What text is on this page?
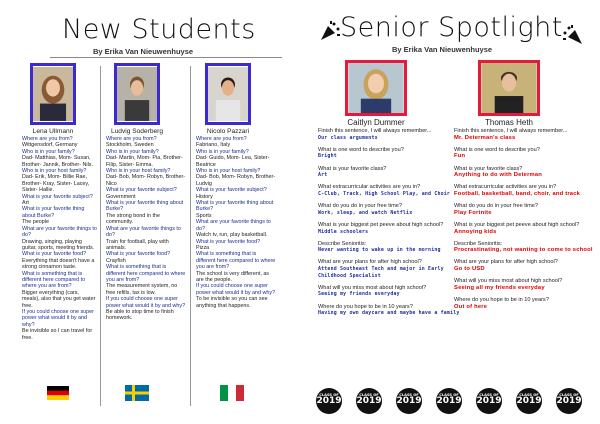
New Students
By Erika Van Nieuwenhuyse
Lena Ullmann	Ludvig Soderberg	Nicolo Pazzari
Where are you from?
Wittgensdorf, Germany
Who is in your family?
Dad- Matthias, Mom- Susan, Brother- Jannik, Brother- Nils.
Who is in your host family?
Dad- Erik, Mom- Billie Rae, Brother- Kray, Sister- Lacey, Sister- Hallie.
What is your favorite subject?
Art
What is your favorite thing about Burke?
The people
What are your favorite things to do?
Drawing, singing, playing guitar, sports, meeting friends.
What is your favorite food?
Everything that doesn't have a strong cinnamon taste.
What is something that is different here compared to where you are from?
Bigger everything (cars, meals), also that you get water free.
If you could choose one super power what would it by and why?
Be invisible so I can travel for free.
Where are you from?
Stockholm, Sweden
Who is in your family?
Dad- Martin, Mom- Pia, Brother- Filip, Sister- Emma.
Who is in your host family?
Dad- Bob, Mom- Robyn, Brother- Nico
What is your favorite subject?
Government
What is your favorite thing about Burke?
The strong bond in the community.
What are your favorite things to do?
Train for football, play with animals.
What is your favorite food?
Crayfish
What is something that is different here compared to where you are from?
The measurement system, no free refills, tax is low.
If you could choose one super power what would it by and why?
Be able to stop time to finish homework.
Where are you from?
Fabriano, Italy
Who is in your family?
Dad- Guido, Mom- Lea, Sister- Beatrice
Who is in your host family?
Dad- Bob, Mom- Robyn, Brother- Ludvig
What is your favorite subject?
History
What is your favorite thing about Burke?
Sports
What are your favorite things to do?
Watch tv, run, play basketball.
What is your favorite food?
Pizza
What is something that is different here compared to where you are from?
The school is very different, as are the people.
If you could choose one super power what would it by and why?
To be invisible so you can see anything that happens.
Senior Spotlight
By Erika Van Nieuwenhuyse
Caitlyn Dummer	Thomas Heth
Finish this sentence, I will always remember...
Our class arguments
What is one word to describe you?
Bright
What is your favorite class?
Art
What extracurricular activities are you in?
C-Club, Track, High School Play, and Choir
What do you do in your free time?
Work, sleep, and watch Netflix
What is your biggest pet peeve about high school?
Middle schoolers
Describe Senioritis:
Never wanting to wake up in the morning
What are your plans for after high school?
Attend Southeast Tech and major in Early Childhood Specialist
What will you miss most about high school?
Seeing my friends everyday
Where do you hope to be in 10 years?
Having my own daycare and maybe have a family
Finish this sentence, I will always remember...
Mr. Determan's class
What is one word to describe you?
Fun
What is your favorite class?
Anything to do with Determan
What extracurricular activities are you in?
Football, basketball, band, choir, and track
What do you do in your free time?
Play Fortnite
What is your biggest pet peeve about high school?
Annoying kids
Describe Senioritis:
Procrastinating, not wanting to come to school
What are your plans for after high school?
Go to USD
What will you miss most about high school?
Seeing all my friends everyday
Where do you hope to be in 10 years?
Out of here
CLASS OF
2019
CLASS OF
2019
CLASS OF
2019
CLASS OF
2019
CLASS OF
2019
CLASS OF
2019
CLASS OF
2019
